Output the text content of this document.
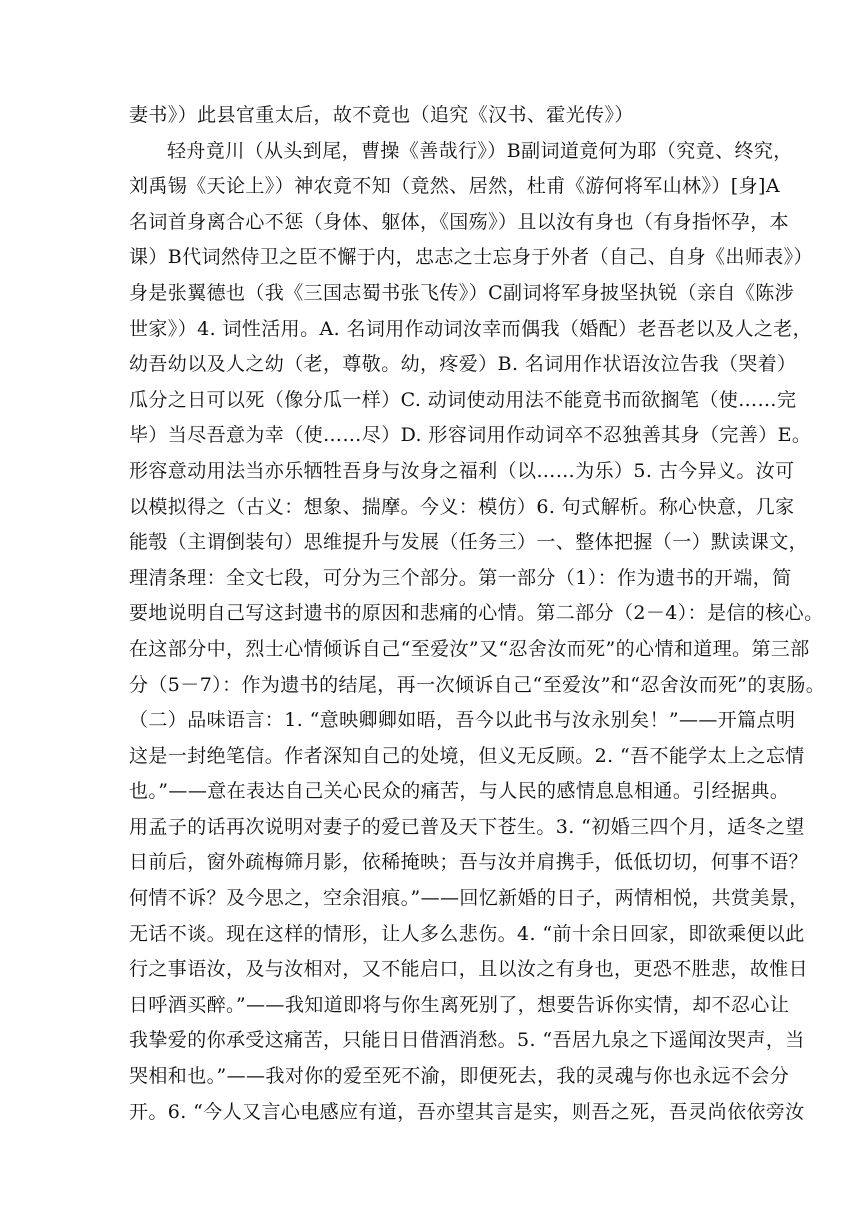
妻书》）此县官重太后，故不竟也（追究《汉书、霍光传》）
轻舟竟川（从头到尾，曹操《善哉行》）B副词道竟何为耶（究竟、终究，
刘禹锡《天论上》）神农竟不知（竟然、居然，杜甫《游何将军山林》）[身]A
名词首身离合心不惩（身体、躯体，《国殇》）且以汝有身也（有身指怀孕，本
课）B代词然侍卫之臣不懈于内，忠志之士忘身于外者（自己、自身《出师表》）
身是张翼德也（我《三国志蜀书张飞传》）C副词将军身披坚执锐（亲自《陈涉
世家》）4. 词性活用。A. 名词用作动词汝幸而偶我（婚配）老吾老以及人之老，
幼吾幼以及人之幼（老，尊敬。幼，疼爱）B. 名词用作状语汝泣告我（哭着）
瓜分之日可以死（像分瓜一样）C. 动词使动用法不能竟书而欲搁笔（使……完
毕）当尽吾意为幸（使……尽）D. 形容词用作动词卒不忍独善其身（完善）E。
形容意动用法当亦乐牺牲吾身与汝身之福利（以……为乐）5. 古今异义。汝可
以模拟得之（古义：想象、揣摩。今义：模仿）6. 句式解析。称心快意，几家
能彀（主谓倒装句）思维提升与发展（任务三）一、整体把握（一）默读课文，
理清条理：全文七段，可分为三个部分。第一部分（1）：作为遗书的开端，简
要地说明自己写这封遗书的原因和悲痛的心情。第二部分（2－4）：是信的核心。
在这部分中，烈士心情倾诉自己“至爱汝”又“忍舍汝而死”的心情和道理。第三部
分（5－7）：作为遗书的结尾，再一次倾诉自己“至爱汝”和“忍舍汝而死”的衷肠。
（二）品味语言：1. “意映卿卿如晤，吾今以此书与汝永别矣！”——开篇点明
这是一封绝笔信。作者深知自己的处境，但义无反顾。2. “吾不能学太上之忘情
也。”——意在表达自己关心民众的痛苦，与人民的感情息息相通。引经据典。
用孟子的话再次说明对妻子的爱已普及天下苍生。3. “初婚三四个月，适冬之望
日前后，窗外疏梅筛月影，依稀掩映；吾与汝并肩携手，低低切切，何事不语？
何情不诉？及今思之，空余泪痕。”——回忆新婚的日子，两情相悦，共赏美景，
无话不谈。现在这样的情形，让人多么悲伤。4. “前十余日回家，即欲乘便以此
行之事语汝，及与汝相对，又不能启口，且以汝之有身也，更恐不胜悲，故惟日
日呼酒买醉。”——我知道即将与你生离死别了，想要告诉你实情，却不忍心让
我挚爱的你承受这痛苦，只能日日借酒消愁。5. “吾居九泉之下遥闻汝哭声，当
哭相和也。”——我对你的爱至死不渝，即便死去，我的灵魂与你也永远不会分
开。6. “今人又言心电感应有道，吾亦望其言是实，则吾之死，吾灵尚依依旁汝
